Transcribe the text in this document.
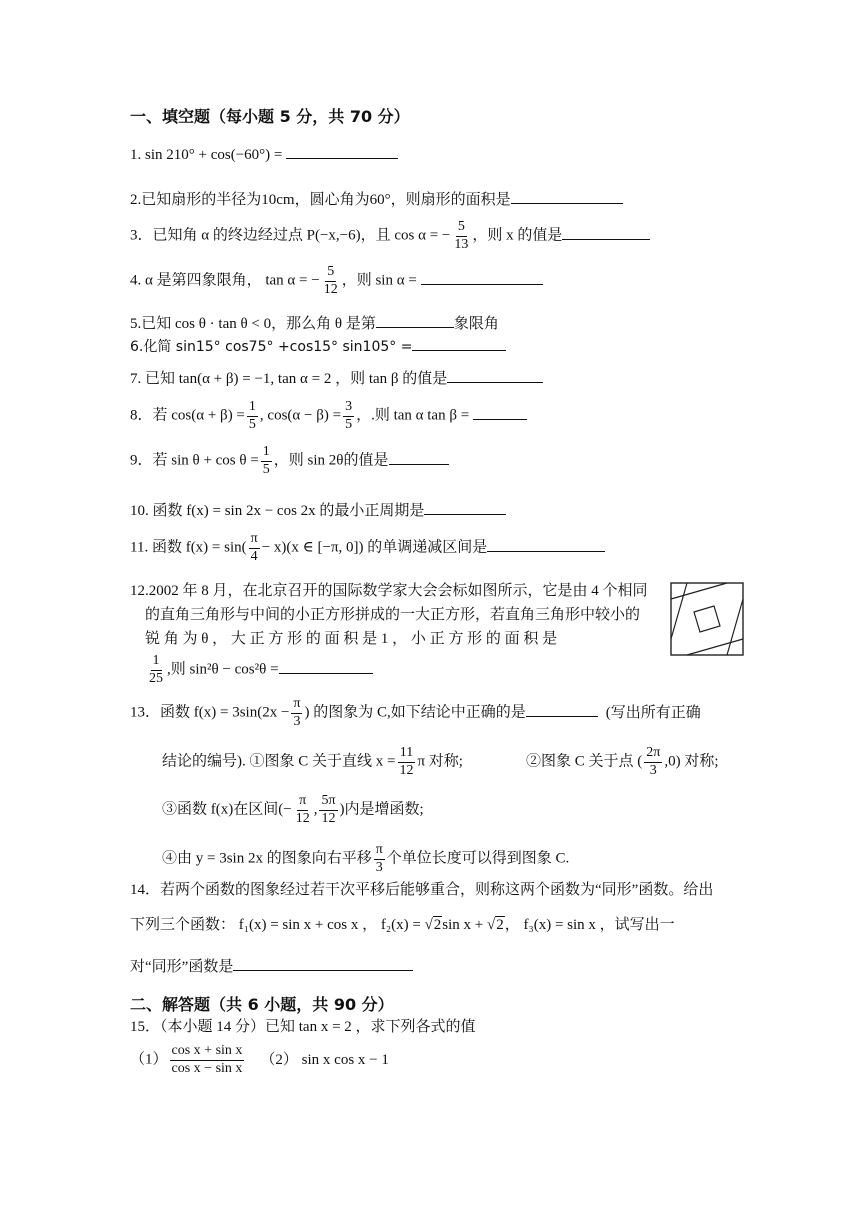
一、填空题（每小题 5 分，共 70 分）
1. sin 210° + cos(−60°) =
2.已知扇形的半径为10cm，圆心角为60°，则扇形的面积是
3．已知角 α 的终边经过点 P(−x,−6)，且 cos α = − $\frac{5}{13}$ ，则 x 的值是
4. α 是第四象限角， tan α = − $\frac{5}{12}$ ，则 sin α =
5.已知 cos θ · tan θ < 0，那么角 θ 是第	象限角
6.化简 sin15° cos75° +cos15° sin105° =
7. 已知 tan(α + β) = −1, tan α = 2 ，则 tan β 的值是
8．若 $\cos(\alpha + \beta) = \frac{1}{5}$ , $\cos(\alpha - \beta) = \frac{3}{5}$ ，.则 tan α tan β =
9．若 $\sin \theta + \cos \theta = \frac{1}{5}$ ，则 sin 2θ的值是
10. 函数 f(x) = sin 2x − cos 2x 的最小正周期是
11. 函数 $f(x) = \sin( \frac{\pi}{4} - x)(x$ ∈ [−π, 0]) 的单调递减区间是
12.2002 年 8 月，在北京召开的国际数学家大会会标如图所示，它是由 4 个相同
的直角三角形与中间的小正方形拼成的一大正方形，若直角三角形中较小的
锐 角 为 θ ， 大 正 方 形 的 面 积 是 1 ， 小 正 方 形 的 面 积 是
$\frac{1}{25}$ ,则 sin²θ − cos²θ =
13．函数 $f(x) = 3\sin(2x - \frac{\pi}{3}$ ) 的图象为 C,如下结论中正确的是	(写出所有正确
结论的编号). ①图象 C 关于直线 $x = \frac{11}{12}$ π 对称;	②图象 C 关于点 ( $\frac{2\pi}{3} ,0$) 对称;
③函数 f(x)在区间(− $\frac{\pi}{12}$ , $\frac{5\pi}{12}$ )内是增函数;
④由 y = 3sin 2x 的图象向右平移 $\frac{\pi}{3}$ 个单位长度可以得到图象 C.
14．若两个函数的图象经过若干次平移后能够重合，则称这两个函数为“同形”函数。给出
下列三个函数： f₁(x) = sin x + cos x ， f₂(x) = √2sin x + √2， f₃(x) = sin x ，试写出一
对“同形”函数是
二、解答题（共 6 小题，共 90 分）
15．（本小题 14 分）已知 tan x = 2 ，求下列各式的值
$(1) \frac{\text{cos x + sin x}}{\text{cos x − sin x}} (2)$ sin x cos x − 1
